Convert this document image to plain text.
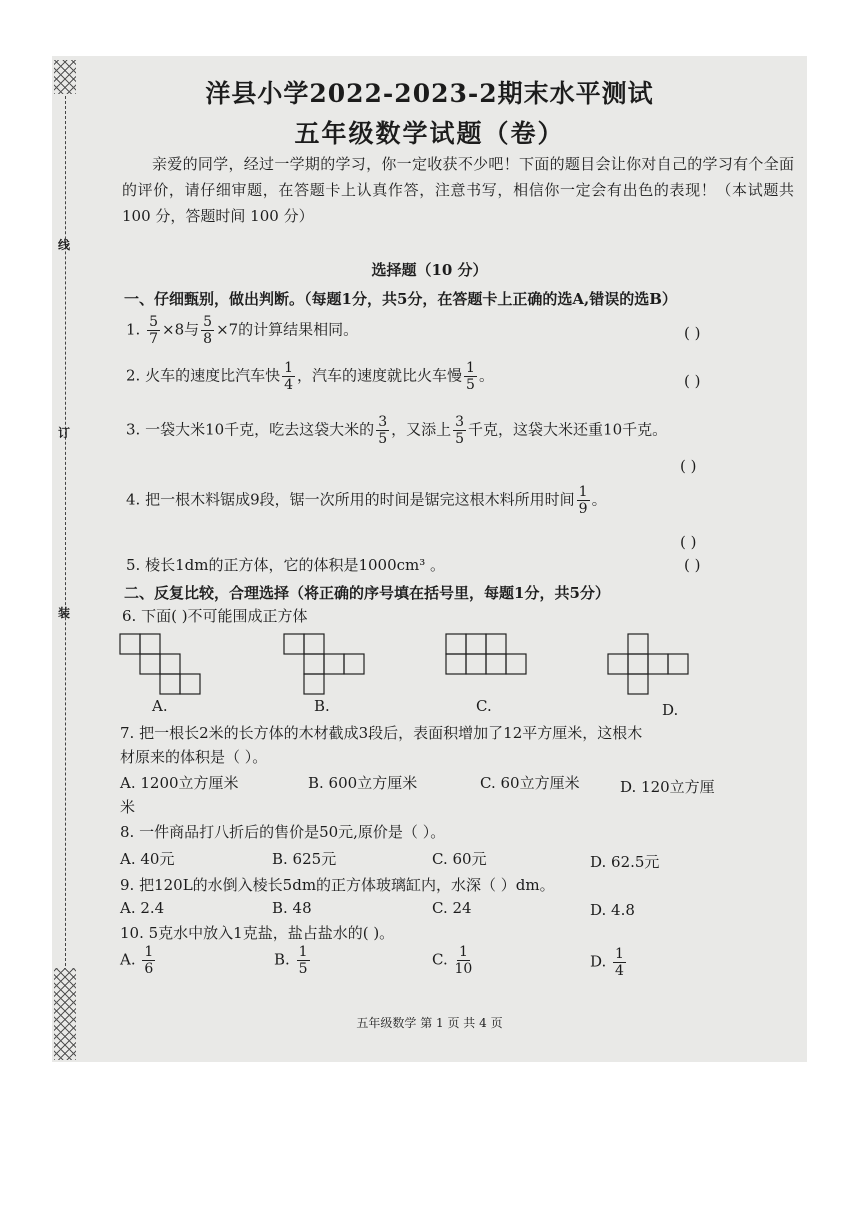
线
订
装
洋县小学2022-2023-2期末水平测试
五年级数学试题（卷）

亲爱的同学，经过一学期的学习，你一定收获不少吧！下面的题目会让你对自己的学习有个全面的评价，请仔细审题，在答题卡上认真作答，注意书写，相信你一定会有出色的表现！（本试题共 100 分，答题时间 100 分）

选择题（10 分）
一、仔细甄别，做出判断。（每题1分，共5分，在答题卡上正确的选A,错误的选B）
1. $\frac{5}{7} \times 8$与 $\frac{5}{8} \times 7$的计算结果相同。	( )
2. 火车的速度比汽车快 $\frac{1}{4}$ ，汽车的速度就比火车慢 $\frac{1}{5}$ 。	( )
3. 一袋大米10千克，吃去这袋大米的 $\frac{3}{5}$ ，又添上 $\frac{3}{5}$ 千克，这袋大米还重10千克。
( )
4. 把一根木料锯成9段，锯一次所用的时间是锯完这根木料所用时间 $\frac{1}{9}$ 。
( )
5. 棱长1dm的正方体，它的体积是1000cm³ 。	( )
二、反复比较，合理选择（将正确的序号填在括号里，每题1分，共5分）
6. 下面( )不可能围成正方体
A.	B.	C.	D.
7. 把一根长2米的长方体的木材截成3段后，表面积增加了12平方厘米，这根木
材原来的体积是（ ）。
A. 1200立方厘米	B. 600立方厘米	C. 60立方厘米	D. 120立方厘
米
8. 一件商品打八折后的售价是50元,原价是（ ）。
A. 40元	B. 625元	C. 60元	D. 62.5元
9. 把120L的水倒入棱长5dm的正方体玻璃缸内，水深（ ）dm。
A. 2.4	B. 48	C. 24	D. 4.8
10. 5克水中放入1克盐，盐占盐水的( )。
A. $\frac{1}{6}$	B. $\frac{1}{5}$	C. $\frac{1}{10}$	D. $\frac{1}{4}$
五年级数学 第 1 页 共 4 页
